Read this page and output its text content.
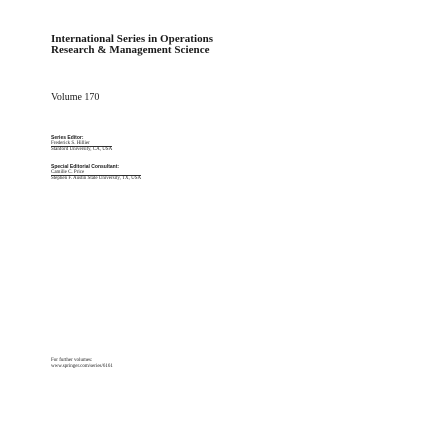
International Series in Operations
Research & Management Science

Volume 170

Series Editor:
Frederick S. Hillier
Stanford University, CA, USA
Special Editorial Consultant:
Camille C. Price
Stephen F. Austin State University, TX, USA
For further volumes:
www.springer.com/series/6161
